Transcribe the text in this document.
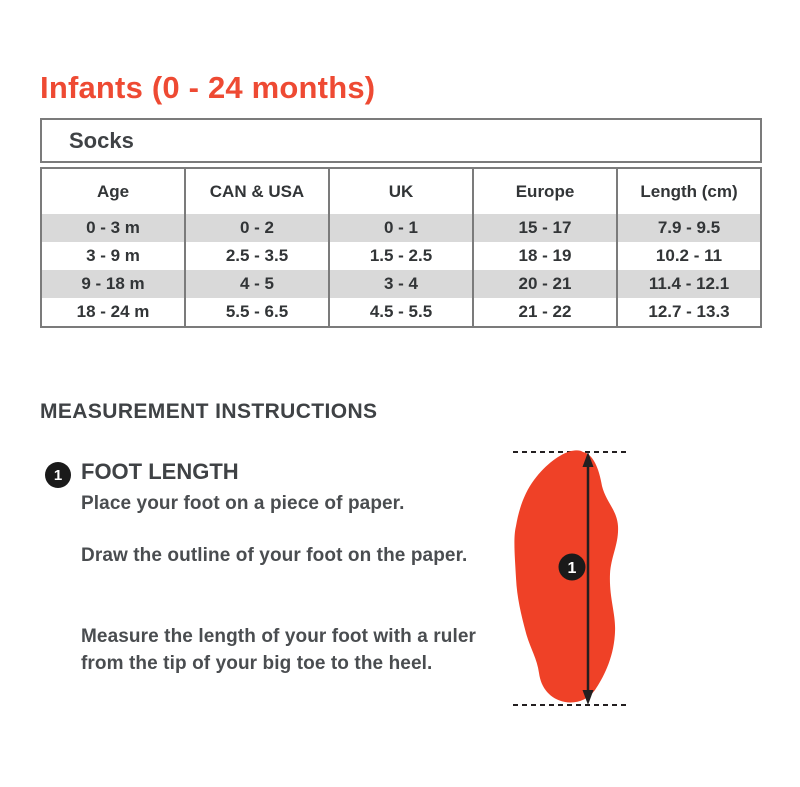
Infants (0 - 24 months)
Socks
Age	CAN & USA	UK	Europe	Length (cm)
0 - 3 m	0 - 2	0 - 1	15 - 17	7.9 - 9.5
3 - 9 m	2.5 - 3.5	1.5 - 2.5	18 - 19	10.2 - 11
9 - 18 m	4 - 5	3 - 4	20 - 21	11.4 - 12.1
18 - 24 m	5.5 - 6.5	4.5 - 5.5	21 - 22	12.7 - 13.3
MEASUREMENT INSTRUCTIONS
1 FOOT LENGTH
Place your foot on a piece of paper.
Draw the outline of your foot on the paper.
Measure the length of your foot with a ruler from the tip of your big toe to the heel.
1
